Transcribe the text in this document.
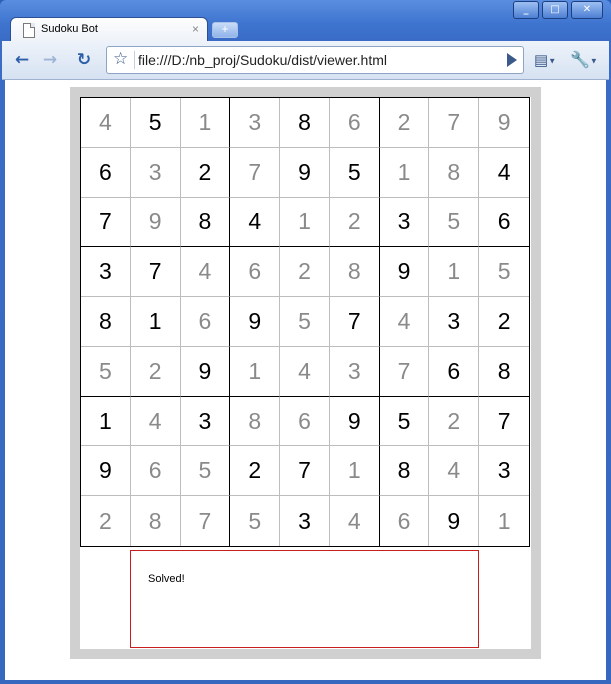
_	□	✕
Sudoku Bot	×	+
← → ↻ ☆ file:///D:/nb_proj/Sudoku/dist/viewer.html	▤▼ 🔧▼
4	5	1	3	8	6	2	7	9
6	3	2	7	9	5	1	8	4
7	9	8	4	1	2	3	5	6
3	7	4	6	2	8	9	1	5
8	1	6	9	5	7	4	3	2
5	2	9	1	4	3	7	6	8
1	4	3	8	6	9	5	2	7
9	6	5	2	7	1	8	4	3
2	8	7	5	3	4	6	9	1
Solved!
